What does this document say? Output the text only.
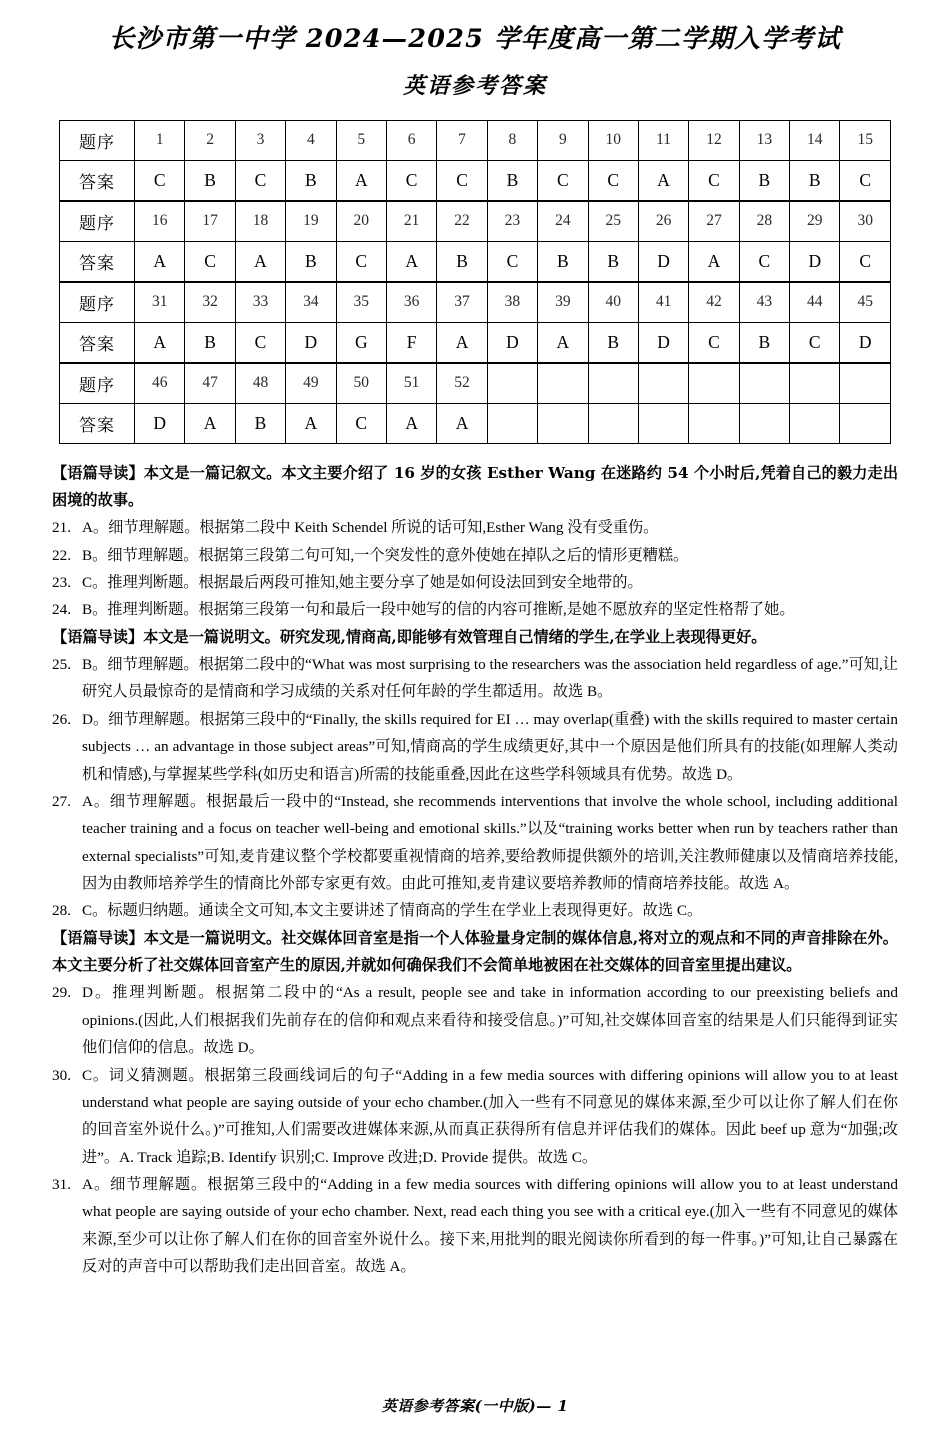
长沙市第一中学 2024—2025 学年度高一第二学期入学考试
英语参考答案
题序	1	2	3	4	5	6	7	8	9	10	11	12	13	14	15
答案	C	B	C	B	A	C	C	B	C	C	A	C	B	B	C
题序	16	17	18	19	20	21	22	23	24	25	26	27	28	29	30
答案	A	C	A	B	C	A	B	C	B	B	D	A	C	D	C
题序	31	32	33	34	35	36	37	38	39	40	41	42	43	44	45
答案	A	B	C	D	G	F	A	D	A	B	D	C	B	C	D
题序	46	47	48	49	50	51	52								
答案	D	A	B	A	C	A	A								

【语篇导读】本文是一篇记叙文。本文主要介绍了 16 岁的女孩 Esther Wang 在迷路约 54 个小时后,凭着自己的毅力走出困境的故事。

21. A。细节理解题。根据第二段中 Keith Schendel 所说的话可知,Esther Wang 没有受重伤。

22. B。细节理解题。根据第三段第二句可知,一个突发性的意外使她在掉队之后的情形更糟糕。

23. C。推理判断题。根据最后两段可推知,她主要分享了她是如何设法回到安全地带的。

24. B。推理判断题。根据第三段第一句和最后一段中她写的信的内容可推断,是她不愿放弃的坚定性格帮了她。

【语篇导读】本文是一篇说明文。研究发现,情商高,即能够有效管理自己情绪的学生,在学业上表现得更好。

25. B。细节理解题。根据第二段中的“What was most surprising to the researchers was the association held regardless of age.”可知,让研究人员最惊奇的是情商和学习成绩的关系对任何年龄的学生都适用。故选 B。

26. D。细节理解题。根据第三段中的“Finally, the skills required for EI … may overlap(重叠) with the skills required to master certain subjects … an advantage in those subject areas”可知,情商高的学生成绩更好,其中一个原因是他们所具有的技能(如理解人类动机和情感),与掌握某些学科(如历史和语言)所需的技能重叠,因此在这些学科领域具有优势。故选 D。

27. A。细节理解题。根据最后一段中的“Instead, she recommends interventions that involve the whole school, including additional teacher training and a focus on teacher well-being and emotional skills.”以及“training works better when run by teachers rather than external specialists”可知,麦肯建议整个学校都要重视情商的培养,要给教师提供额外的培训,关注教师健康以及情商培养技能,因为由教师培养学生的情商比外部专家更有效。由此可推知,麦肯建议要培养教师的情商培养技能。故选 A。

28. C。标题归纳题。通读全文可知,本文主要讲述了情商高的学生在学业上表现得更好。故选 C。

【语篇导读】本文是一篇说明文。社交媒体回音室是指一个人体验量身定制的媒体信息,将对立的观点和不同的声音排除在外。本文主要分析了社交媒体回音室产生的原因,并就如何确保我们不会简单地被困在社交媒体的回音室里提出建议。

29. D。推理判断题。根据第二段中的“As a result, people see and take in information according to our preexisting beliefs and opinions.(因此,人们根据我们先前存在的信仰和观点来看待和接受信息。)”可知,社交媒体回音室的结果是人们只能得到证实他们信仰的信息。故选 D。

30. C。词义猜测题。根据第三段画线词后的句子“Adding in a few media sources with differing opinions will allow you to at least understand what people are saying outside of your echo chamber.(加入一些有不同意见的媒体来源,至少可以让你了解人们在你的回音室外说什么。)”可推知,人们需要改进媒体来源,从而真正获得所有信息并评估我们的媒体。因此 beef up 意为“加强;改进”。A. Track 追踪;B. Identify 识别;C. Improve 改进;D. Provide 提供。故选 C。

31. A。细节理解题。根据第三段中的“Adding in a few media sources with differing opinions will allow you to at least understand what people are saying outside of your echo chamber. Next, read each thing you see with a critical eye.(加入一些有不同意见的媒体来源,至少可以让你了解人们在你的回音室外说什么。接下来,用批判的眼光阅读你所看到的每一件事。)”可知,让自己暴露在反对的声音中可以帮助我们走出回音室。故选 A。

英语参考答案(一中版)— 1
